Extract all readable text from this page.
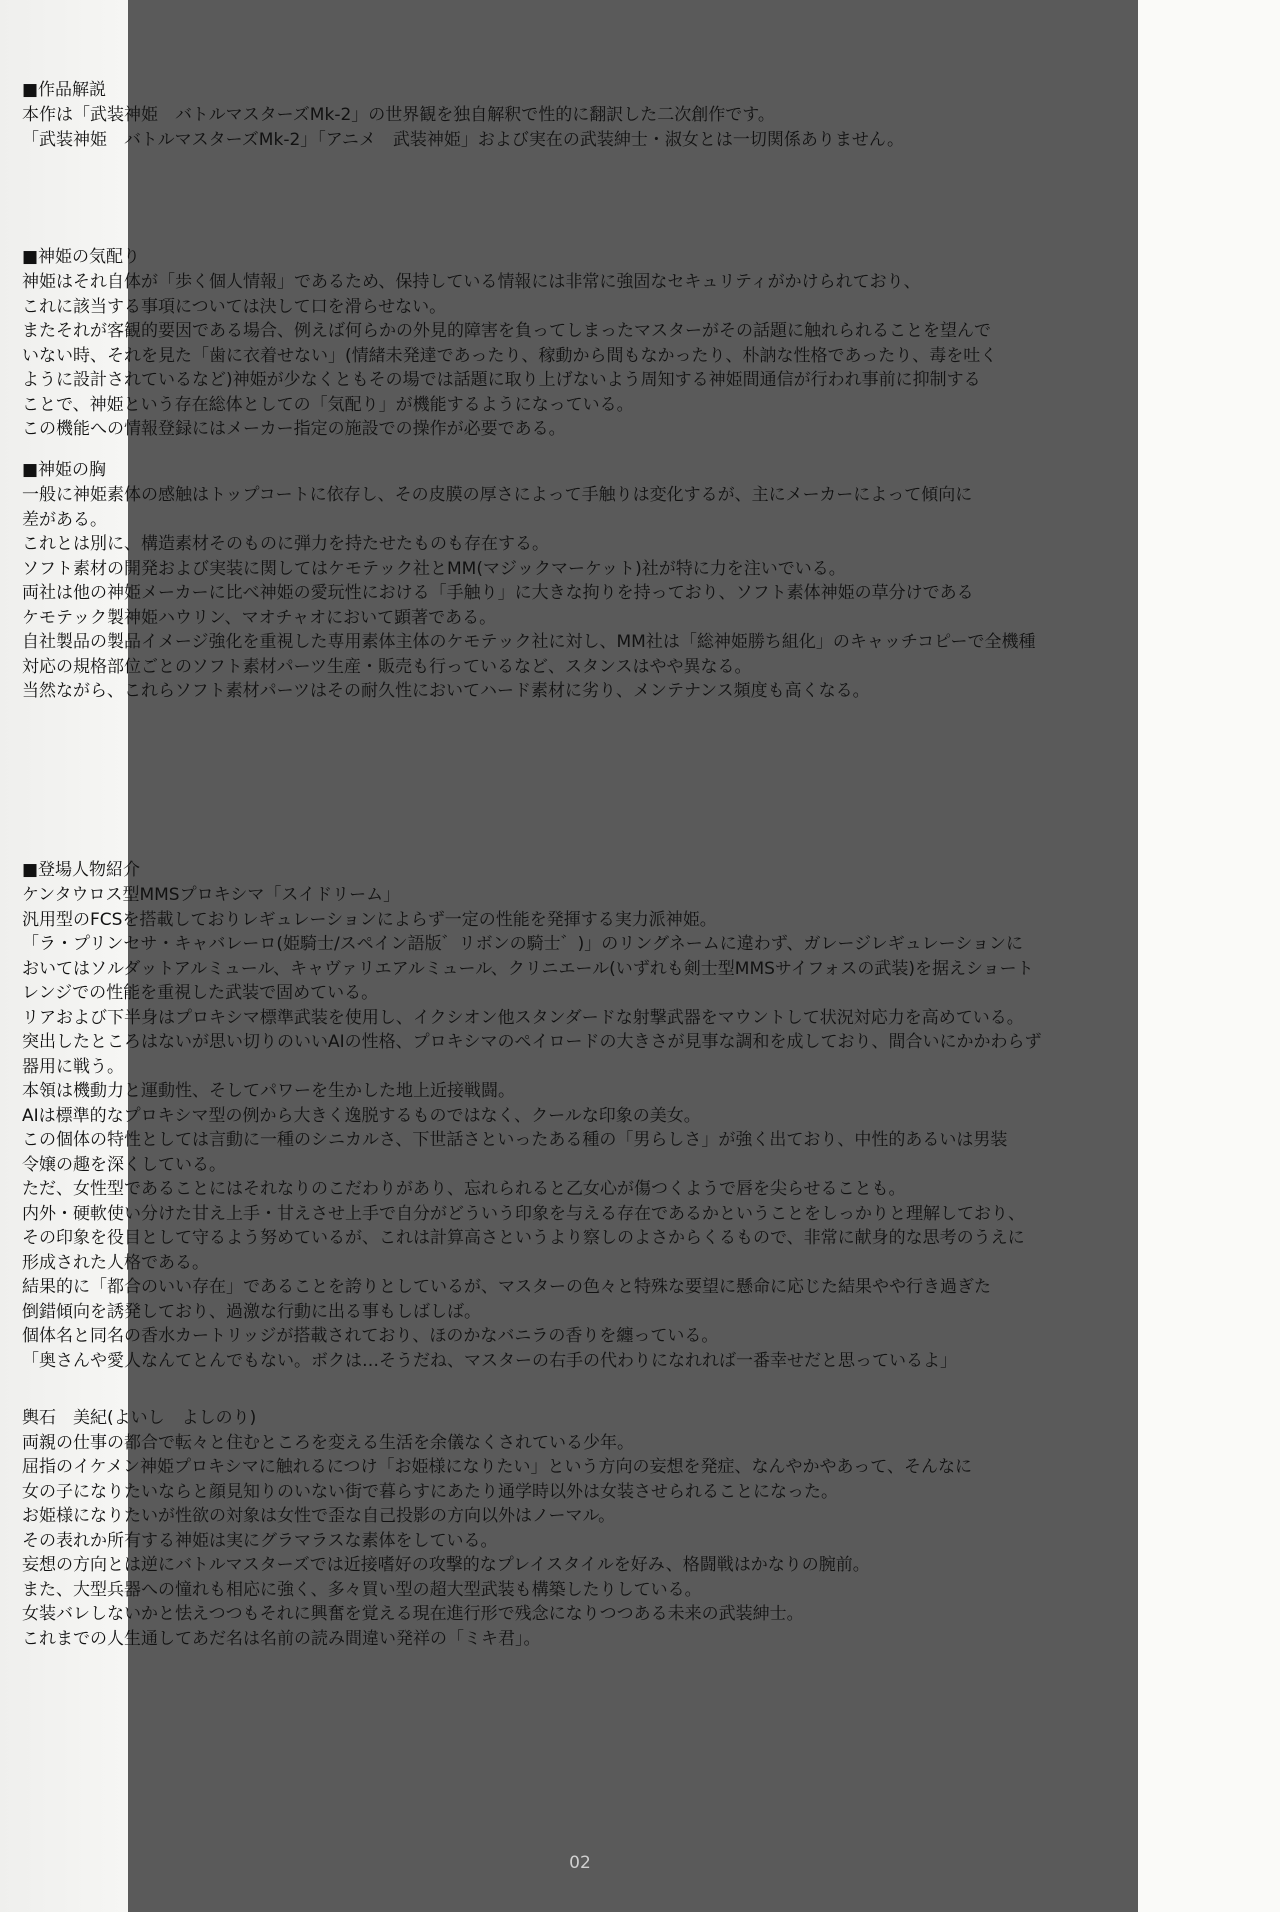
■作品解説
本作は「武装神姫　バトルマスターズMk-2」の世界観を独自解釈で性的に翻訳した二次創作です。
「武装神姫　バトルマスターズMk-2」「アニメ　武装神姫」および実在の武装紳士・淑女とは一切関係ありません。
■神姫の気配り
神姫はそれ自体が「歩く個人情報」であるため、保持している情報には非常に強固なセキュリティがかけられており、
これに該当する事項については決して口を滑らせない。
またそれが客観的要因である場合、例えば何らかの外見的障害を負ってしまったマスターがその話題に触れられることを望んで
いない時、それを見た「歯に衣着せない」(情緒未発達であったり、稼動から間もなかったり、朴訥な性格であったり、毒を吐く
ように設計されているなど)神姫が少なくともその場では話題に取り上げないよう周知する神姫間通信が行われ事前に抑制する
ことで、神姫という存在総体としての「気配り」が機能するようになっている。
この機能への情報登録にはメーカー指定の施設での操作が必要である。
■神姫の胸
一般に神姫素体の感触はトップコートに依存し、その皮膜の厚さによって手触りは変化するが、主にメーカーによって傾向に
差がある。
これとは別に、構造素材そのものに弾力を持たせたものも存在する。
ソフト素材の開発および実装に関してはケモテック社とMM(マジックマーケット)社が特に力を注いでいる。
両社は他の神姫メーカーに比べ神姫の愛玩性における「手触り」に大きな拘りを持っており、ソフト素体神姫の草分けである
ケモテック製神姫ハウリン、マオチャオにおいて顕著である。
自社製品の製品イメージ強化を重視した専用素体主体のケモテック社に対し、MM社は「総神姫勝ち組化」のキャッチコピーで全機種
対応の規格部位ごとのソフト素材パーツ生産・販売も行っているなど、スタンスはやや異なる。
当然ながら、これらソフト素材パーツはその耐久性においてハード素材に劣り、メンテナンス頻度も高くなる。
■登場人物紹介
ケンタウロス型MMSプロキシマ「スイドリーム」
汎用型のFCSを搭載しておりレギュレーションによらず一定の性能を発揮する実力派神姫。
「ラ・プリンセサ・キャバレーロ(姫騎士/スペイン語版゛リボンの騎士゛)」のリングネームに違わず、ガレージレギュレーションに
おいてはソルダットアルミュール、キャヴァリエアルミュール、クリニエール(いずれも剣士型MMSサイフォスの武装)を据えショート
レンジでの性能を重視した武装で固めている。
リアおよび下半身はプロキシマ標準武装を使用し、イクシオン他スタンダードな射撃武器をマウントして状況対応力を高めている。
突出したところはないが思い切りのいいAIの性格、プロキシマのペイロードの大きさが見事な調和を成しており、間合いにかかわらず
器用に戦う。
本領は機動力と運動性、そしてパワーを生かした地上近接戦闘。
AIは標準的なプロキシマ型の例から大きく逸脱するものではなく、クールな印象の美女。
この個体の特性としては言動に一種のシニカルさ、下世話さといったある種の「男らしさ」が強く出ており、中性的あるいは男装
令嬢の趣を深くしている。
ただ、女性型であることにはそれなりのこだわりがあり、忘れられると乙女心が傷つくようで唇を尖らせることも。
内外・硬軟使い分けた甘え上手・甘えさせ上手で自分がどういう印象を与える存在であるかということをしっかりと理解しており、
その印象を役目として守るよう努めているが、これは計算高さというより察しのよさからくるもので、非常に献身的な思考のうえに
形成された人格である。
結果的に「都合のいい存在」であることを誇りとしているが、マスターの色々と特殊な要望に懸命に応じた結果やや行き過ぎた
倒錯傾向を誘発しており、過激な行動に出る事もしばしば。
個体名と同名の香水カートリッジが搭載されており、ほのかなバニラの香りを纏っている。
「奥さんや愛人なんてとんでもない。ボクは…そうだね、マスターの右手の代わりになれれば一番幸せだと思っているよ」
輿石　美紀(よいし　よしのり)
両親の仕事の都合で転々と住むところを変える生活を余儀なくされている少年。
屈指のイケメン神姫プロキシマに触れるにつけ「お姫様になりたい」という方向の妄想を発症、なんやかやあって、そんなに
女の子になりたいならと顔見知りのいない街で暮らすにあたり通学時以外は女装させられることになった。
お姫様になりたいが性欲の対象は女性で歪な自己投影の方向以外はノーマル。
その表れか所有する神姫は実にグラマラスな素体をしている。
妄想の方向とは逆にバトルマスターズでは近接嗜好の攻撃的なプレイスタイルを好み、格闘戦はかなりの腕前。
また、大型兵器への憧れも相応に強く、多々買い型の超大型武装も構築したりしている。
女装バレしないかと怯えつつもそれに興奮を覚える現在進行形で残念になりつつある未来の武装紳士。
これまでの人生通してあだ名は名前の読み間違い発祥の「ミキ君」。
02
